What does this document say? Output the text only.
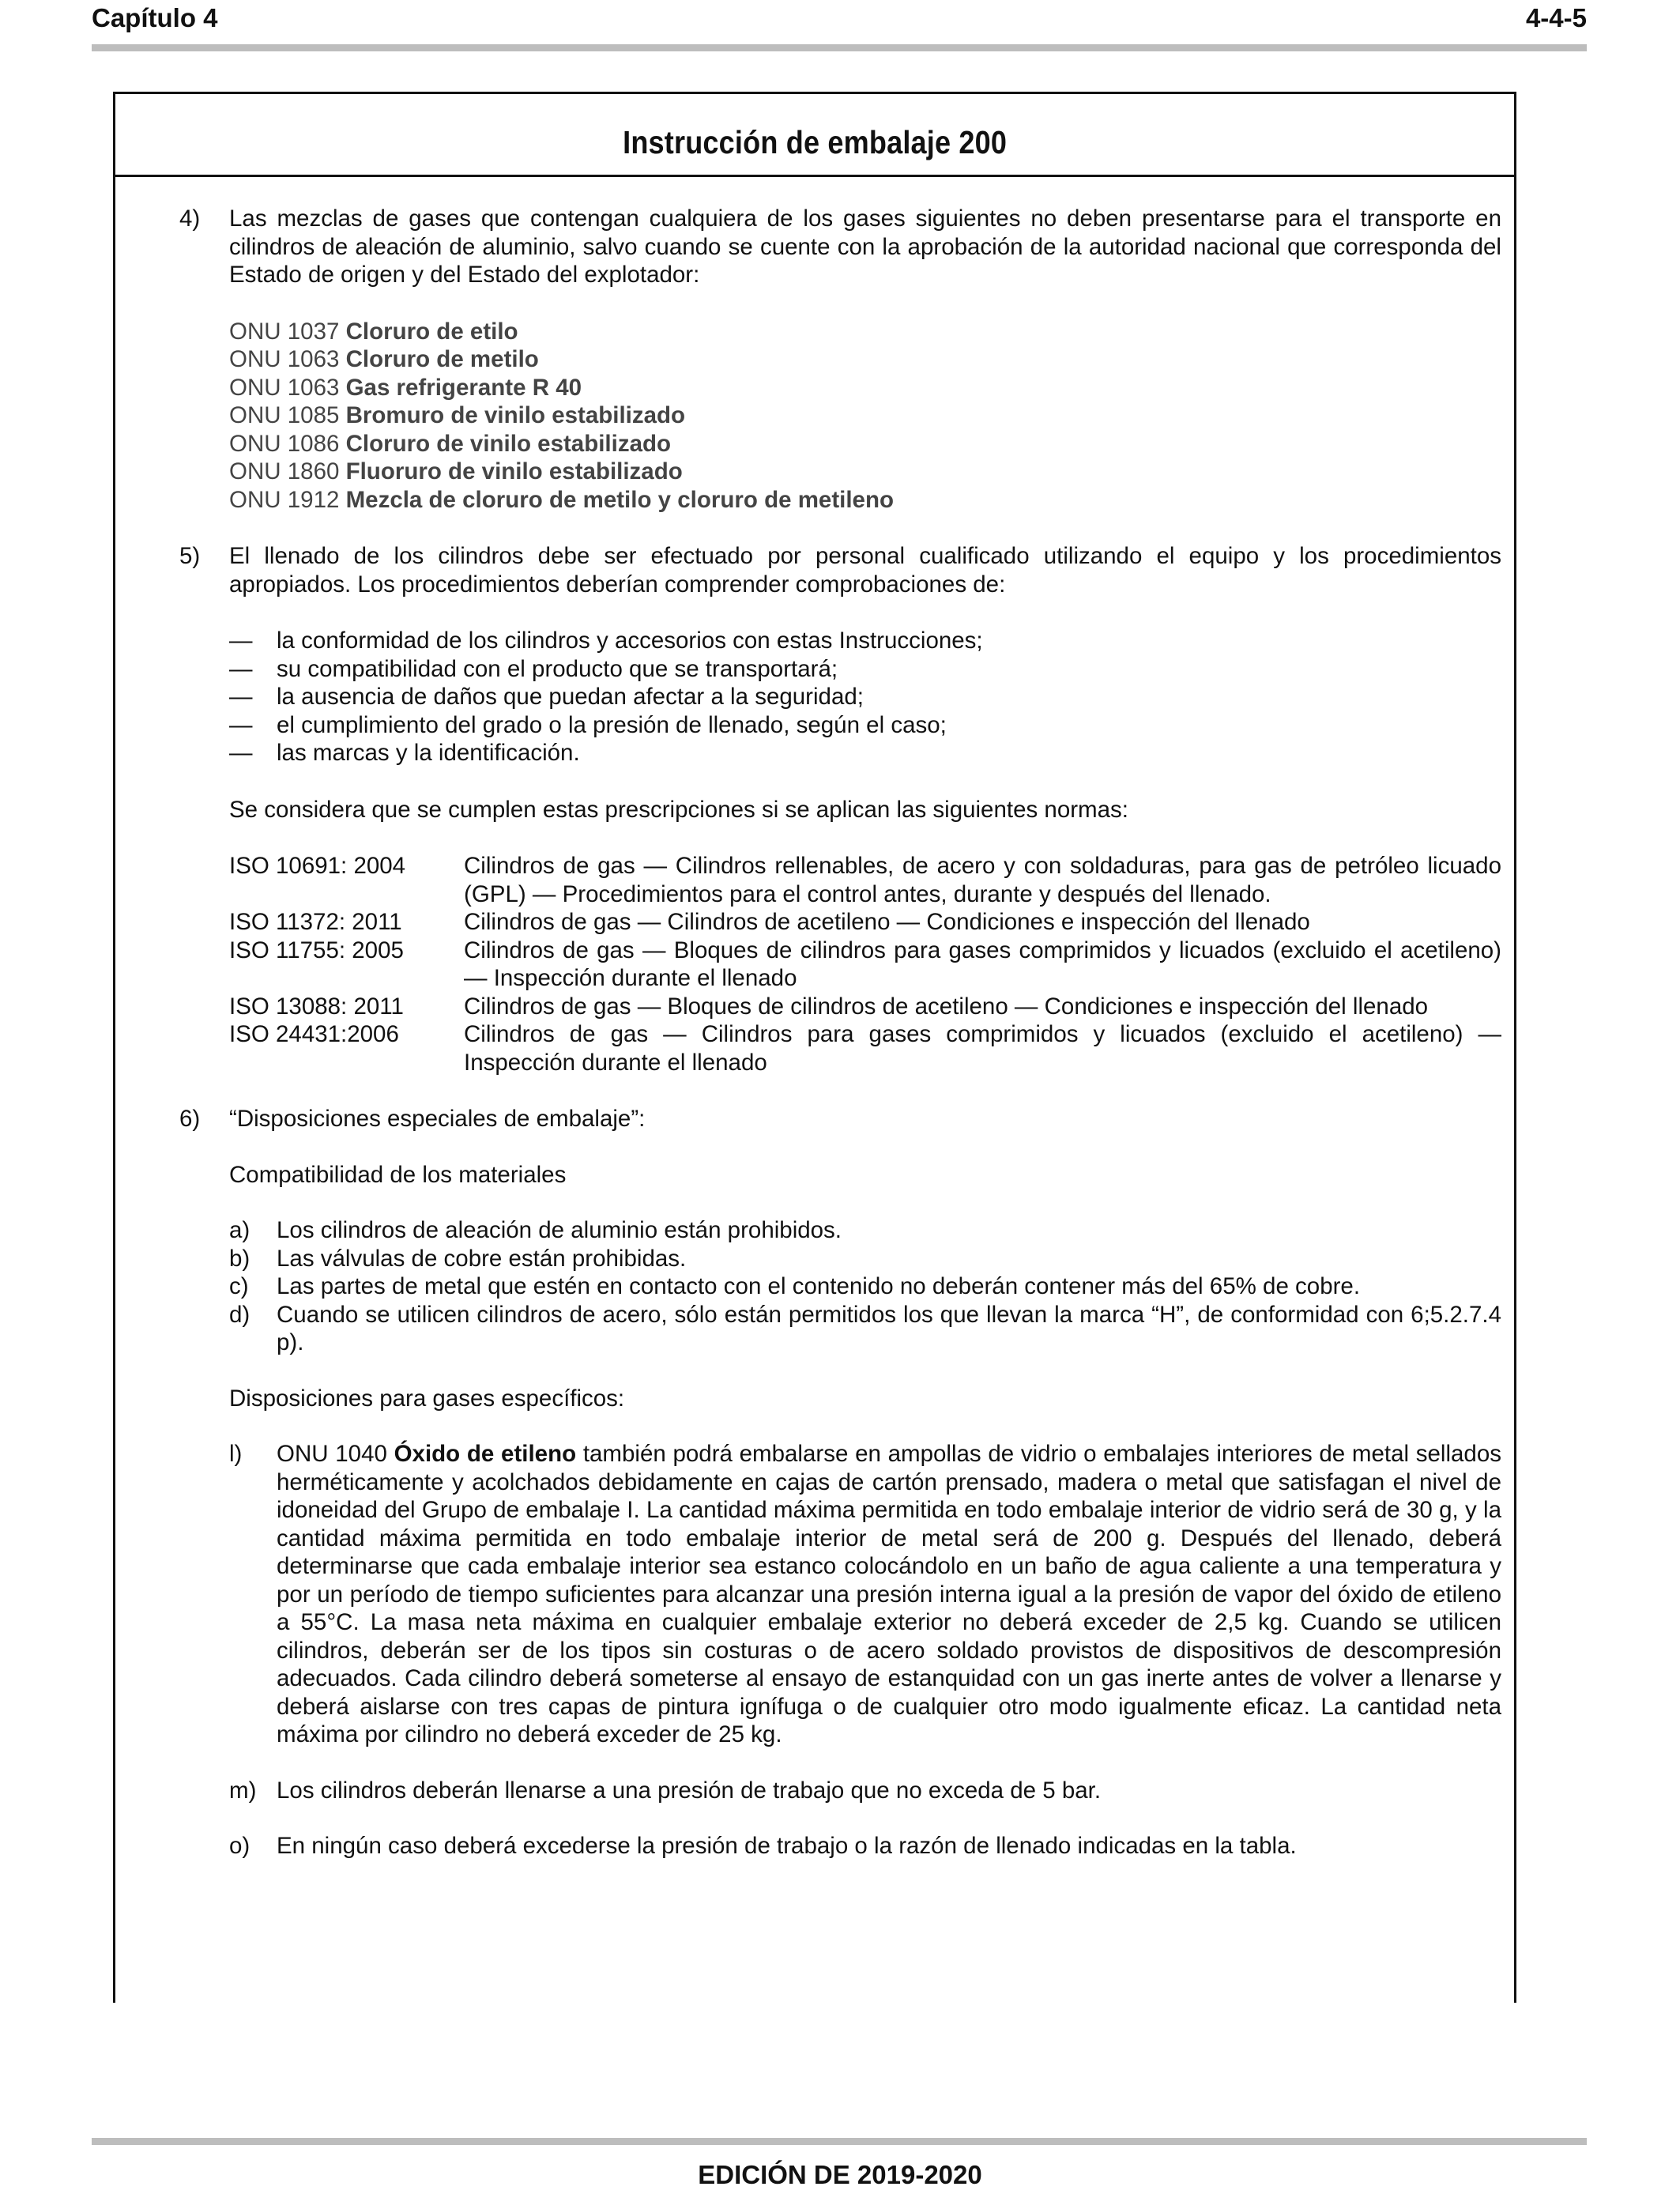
Capítulo 4	4-4-5
Instrucción de embalaje 200
4) Las mezclas de gases que contengan cualquiera de los gases siguientes no deben presentarse para el transporte en cilindros de aleación de aluminio, salvo cuando se cuente con la aprobación de la autoridad nacional que corresponda del Estado de origen y del Estado del explotador:
ONU 1037 Cloruro de etilo
ONU 1063 Cloruro de metilo
ONU 1063 Gas refrigerante R 40
ONU 1085 Bromuro de vinilo estabilizado
ONU 1086 Cloruro de vinilo estabilizado
ONU 1860 Fluoruro de vinilo estabilizado
ONU 1912 Mezcla de cloruro de metilo y cloruro de metileno
5) El llenado de los cilindros debe ser efectuado por personal cualificado utilizando el equipo y los procedimientos apropiados. Los procedimientos deberían comprender comprobaciones de:
— la conformidad de los cilindros y accesorios con estas Instrucciones;
— su compatibilidad con el producto que se transportará;
— la ausencia de daños que puedan afectar a la seguridad;
— el cumplimiento del grado o la presión de llenado, según el caso;
— las marcas y la identificación.
Se considera que se cumplen estas prescripciones si se aplican las siguientes normas:
ISO 10691: 2004	Cilindros de gas — Cilindros rellenables, de acero y con soldaduras, para gas de petróleo licuado (GPL) — Procedimientos para el control antes, durante y después del llenado.
ISO 11372: 2011	Cilindros de gas — Cilindros de acetileno — Condiciones e inspección del llenado
ISO 11755: 2005	Cilindros de gas — Bloques de cilindros para gases comprimidos y licuados (excluido el acetileno) — Inspección durante el llenado
ISO 13088: 2011	Cilindros de gas — Bloques de cilindros de acetileno — Condiciones e inspección del llenado
ISO 24431:2006	Cilindros de gas — Cilindros para gases comprimidos y licuados (excluido el acetileno) — Inspección durante el llenado
6) “Disposiciones especiales de embalaje”:
Compatibilidad de los materiales
a) Los cilindros de aleación de aluminio están prohibidos.
b) Las válvulas de cobre están prohibidas.
c) Las partes de metal que estén en contacto con el contenido no deberán contener más del 65% de cobre.
d) Cuando se utilicen cilindros de acero, sólo están permitidos los que llevan la marca “H”, de conformidad con 6;5.2.7.4 p).
Disposiciones para gases específicos:
l) ONU 1040 Óxido de etileno también podrá embalarse en ampollas de vidrio o embalajes interiores de metal sellados herméticamente y acolchados debidamente en cajas de cartón prensado, madera o metal que satisfagan el nivel de idoneidad del Grupo de embalaje I. La cantidad máxima permitida en todo embalaje interior de vidrio será de 30 g, y la cantidad máxima permitida en todo embalaje interior de metal será de 200 g. Después del llenado, deberá determinarse que cada embalaje interior sea estanco colocándolo en un baño de agua caliente a una temperatura y por un período de tiempo suficientes para alcanzar una presión interna igual a la presión de vapor del óxido de etileno a 55°C. La masa neta máxima en cualquier embalaje exterior no deberá exceder de 2,5 kg. Cuando se utilicen cilindros, deberán ser de los tipos sin costuras o de acero soldado provistos de dispositivos de descompresión adecuados. Cada cilindro deberá someterse al ensayo de estanquidad con un gas inerte antes de volver a llenarse y deberá aislarse con tres capas de pintura ignífuga o de cualquier otro modo igualmente eficaz. La cantidad neta máxima por cilindro no deberá exceder de 25 kg.
m) Los cilindros deberán llenarse a una presión de trabajo que no exceda de 5 bar.
o) En ningún caso deberá excederse la presión de trabajo o la razón de llenado indicadas en la tabla.
EDICIÓN DE 2019-2020
